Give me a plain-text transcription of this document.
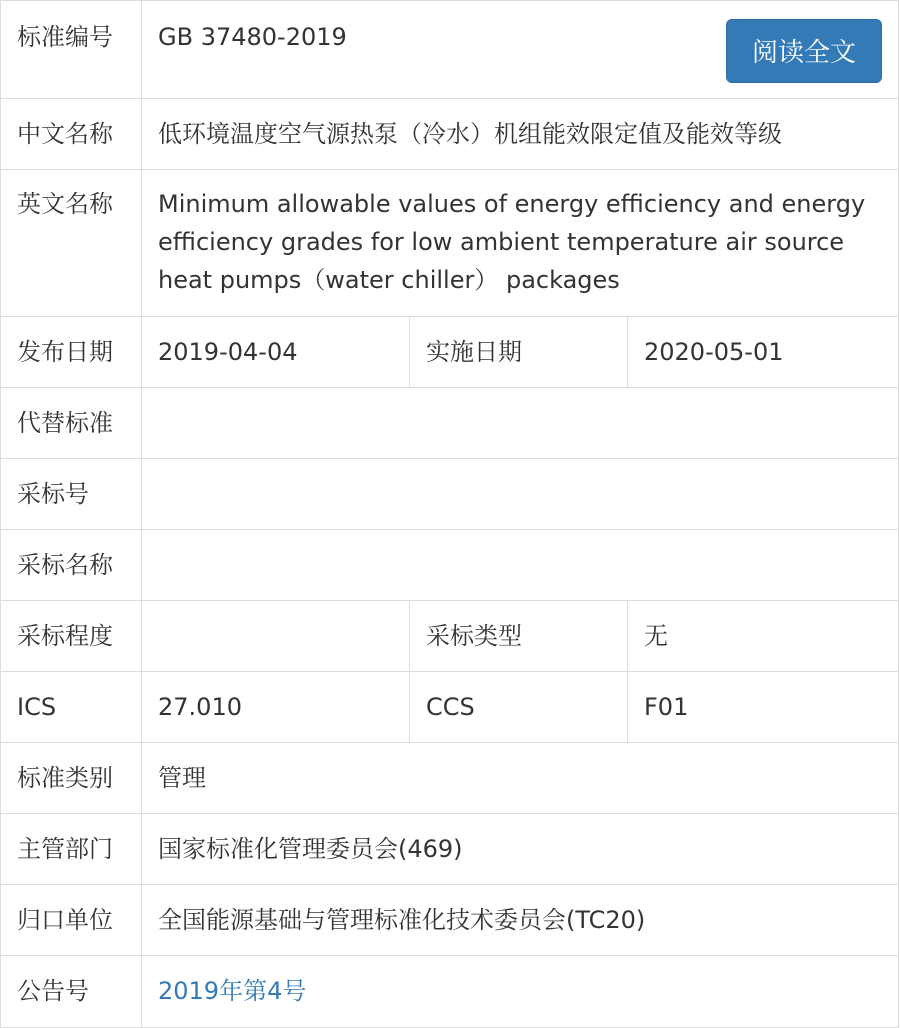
标准编号	GB 37480-2019
阅读全文		

中文名称	低环境温度空气源热泵（冷水）机组能效限定值及能效等级		
英文名称	Minimum allowable values of energy efficiency and energy efficiency grades for low ambient temperature air source heat pumps（water chiller） packages		
发布日期	2019-04-04	实施日期	2020-05-01
代替标准			
采标号			
采标名称			
采标程度		采标类型	无
ICS	27.010	CCS	F01
标准类别	管理		
主管部门	国家标准化管理委员会(469)		
归口单位	全国能源基础与管理标准化技术委员会(TC20)		
公告号	2019年第4号		
